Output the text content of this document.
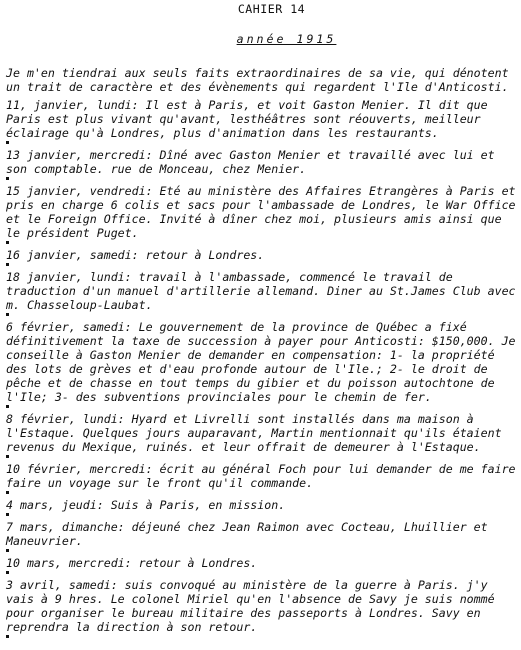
CAHIER 14
année 1915

Je m'en tiendrai aux seuls faits extraordinaires de sa vie, qui dénotent un trait de caractère et des évènements qui regardent l'Ile d'Anticosti.

11, janvier, lundi: Il est à Paris, et voit Gaston Menier. Il dit que Paris est plus vivant qu'avant, lesthéâtres sont réouverts, meilleur éclairage qu'à Londres, plus d'animation dans les restaurants.

13 janvier, mercredi: Dîné avec Gaston Menier et travaillé avec lui et son comptable. rue de Monceau, chez Menier.

15 janvier, vendredi: Eté au ministère des Affaires Etrangères à Paris et pris en charge 6 colis et sacs pour l'ambassade de Londres, le War Office et le Foreign Office. Invité à dîner chez moi, plusieurs amis ainsi que le président Puget.

16 janvier, samedi: retour à Londres.

18 janvier, lundi: travail à l'ambassade, commencé le travail de traduction d'un manuel d'artillerie allemand. Diner au St.James Club avec m. Chasseloup-Laubat.

6 février, samedi: Le gouvernement de la province de Québec a fixé définitivement la taxe de succession à payer pour Anticosti: $150,000. Je conseille à Gaston Menier de demander en compensation: 1- la propriété des lots de grèves et d'eau profonde autour de l'Ile.; 2- le droit de pêche et de chasse en tout temps du gibier et du poisson autochtone de l'Ile; 3- des subventions provinciales pour le chemin de fer.

8 février, lundi: Hyard et Livrelli sont installés dans ma maison à l'Estaque. Quelques jours auparavant, Martin mentionnait qu'ils étaient revenus du Mexique, ruinés. et leur offrait de demeurer à l'Estaque.

10 février, mercredi: écrit au général Foch pour lui demander de me faire faire un voyage sur le front qu'il commande.

4 mars, jeudi: Suis à Paris, en mission.

7 mars, dimanche: déjeuné chez Jean Raimon avec Cocteau, Lhuillier et Maneuvrier.

10 mars, mercredi: retour à Londres.

3 avril, samedi: suis convoqué au ministère de la guerre à Paris. j'y vais à 9 hres. Le colonel Miriel qu'en l'absence de Savy je suis nommé pour organiser le bureau militaire des passeports à Londres. Savy en reprendra la direction à son retour.
